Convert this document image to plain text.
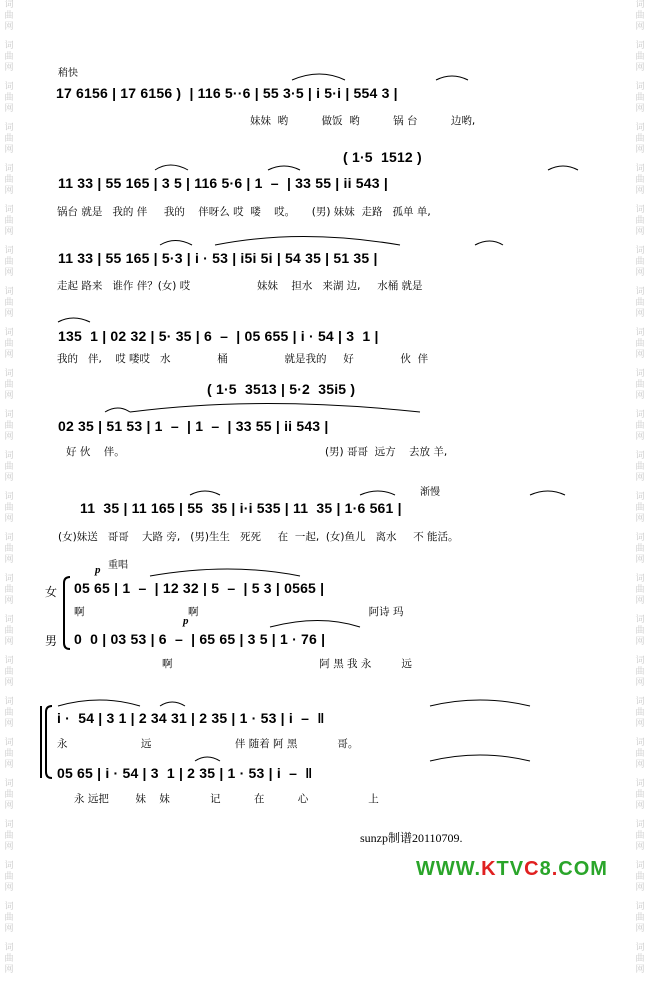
词
曲
网
词
曲
网
词
曲
网
词
曲
网
词
曲
网
词
曲
网
词
曲
网
词
曲
网
词
曲
网
词
曲
网
词
曲
网
词
曲
网
词
曲
网
词
曲
网
词
曲
网
词
曲
网
词
曲
网
词
曲
网
词
曲
网
词
曲
网
词
曲
网
词
曲
网
词
曲
网
词
曲
网
词
曲
网
词
曲
网
词
曲
网
词
曲
网
词
曲
网
词
曲
网
词
曲
网
词
曲
网
词
曲
网
词
曲
网
词
曲
网
词
曲
网
词
曲
网
词
曲
网
词
曲
网
词
曲
网
词
曲
网
词
曲
网
词
曲
网
词
曲
网
词
曲
网
词
曲
网
词
曲
网
词
曲
网
稍快
17 6156 | 17 6156 )  | 116 5··6 | 55 3·5 | i 5·i | 554 3 |
妹妹  哟          做饭  哟          锅 台          边哟,
( 1·5  1512 )
11 33 | 55 165 | 3 5 | 116 5·6 | 1  –  | 33 55 | ii 543 |
锅台 就是   我的 伴     我的    伴呀么 哎  喽    哎。     (男) 妹妹  走路   孤单 单,
11 33 | 55 165 | 5·3 | i · 53 | i5i 5i | 54 35 | 51 35 |
走起 路来   谁作 伴？(女) 哎                    妹妹    担水   来湖 边,     水桶 就是
135  1 | 02 32 | 5· 35 | 6  –  | 05 655 | i · 54 | 3  1 |
我的   伴,    哎 喽哎   水              桶                 就是我的     好              伙  伴
( 1·5  3513 | 5·2  35i5 )
02 35 | 51 53 | 1  –  | 1  –  | 33 55 | ii 543 |
好 伙    伴。                                                            (男) 哥哥  远方    去放 羊,
渐慢
11  35 | 11 165 | 55  35 | i·i 535 | 11  35 | 1·6 561 |
(女)妹送   哥哥    大路 旁,   (男)生生   死死     在  一起,  (女)鱼儿   离水     不 能活。
p 重唱
女
男
05 65 | 1  –  | 12 32 | 5  –  | 5 3 | 0565 |
啊                               啊                                                   阿诗 玛
p
0  0 | 03 53 | 6  –  | 65 65 | 3 5 | 1 · 76 |
啊                                            阿 黑 我 永         远
i ·  54 | 3 1 | 2 34 31 | 2 35 | 1 · 53 | i  –  ‖
永                      远                         伴 随着 阿 黑            哥。
05 65 | i · 54 | 3  1 | 2 35 | 1 · 53 | i  –  ‖
永 远把        妹    妹            记          在          心                  上
sunzp制谱20110709.
WWW.KTVC8.COM
